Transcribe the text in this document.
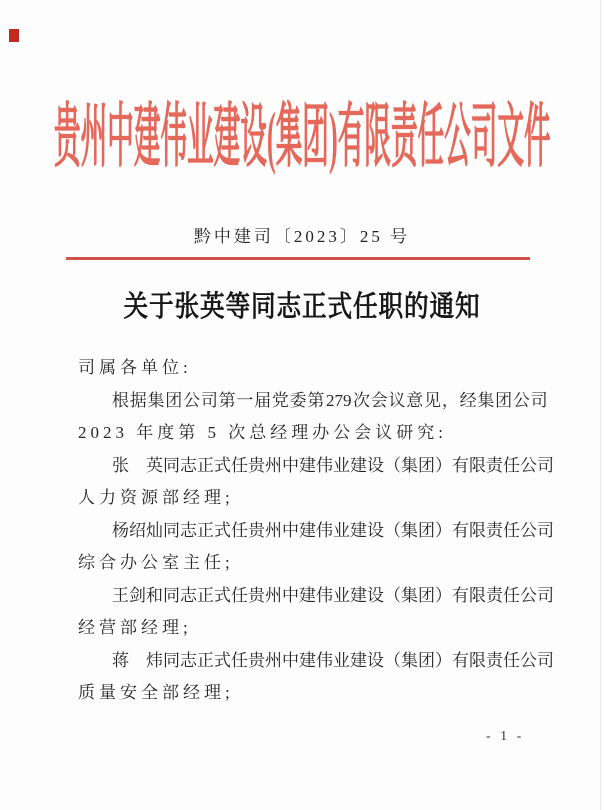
贵州中建伟业建设(集团)有限责任公司文件
黔中建司〔2023〕25 号
关于张英等同志正式任职的通知
司属各单位:
根 据 集 团 公 司 第 一 届 党 委 第 279 次 会 议 意 见 ， 经 集 团 公 司
2023 年度第 5 次总经理办公会议研究:
张
　 英 同 志 正 式 任 贵 州 中 建 伟 业 建 设 （ 集 团 ） 有 限 责 任 公 司
人力资源部经理;
杨 绍 灿 同 志 正 式 任 贵 州 中 建 伟 业 建 设 （ 集 团 ） 有 限 责 任 公 司
综合办公室主任;
王 剑 和 同 志 正 式 任 贵 州 中 建 伟 业 建 设 （ 集 团 ） 有 限 责 任 公 司
经营部经理;
蒋
　 炜 同 志 正 式 任 贵 州 中 建 伟 业 建 设 （ 集 团 ） 有 限 责 任 公 司
质量安全部经理;
- 1 -
